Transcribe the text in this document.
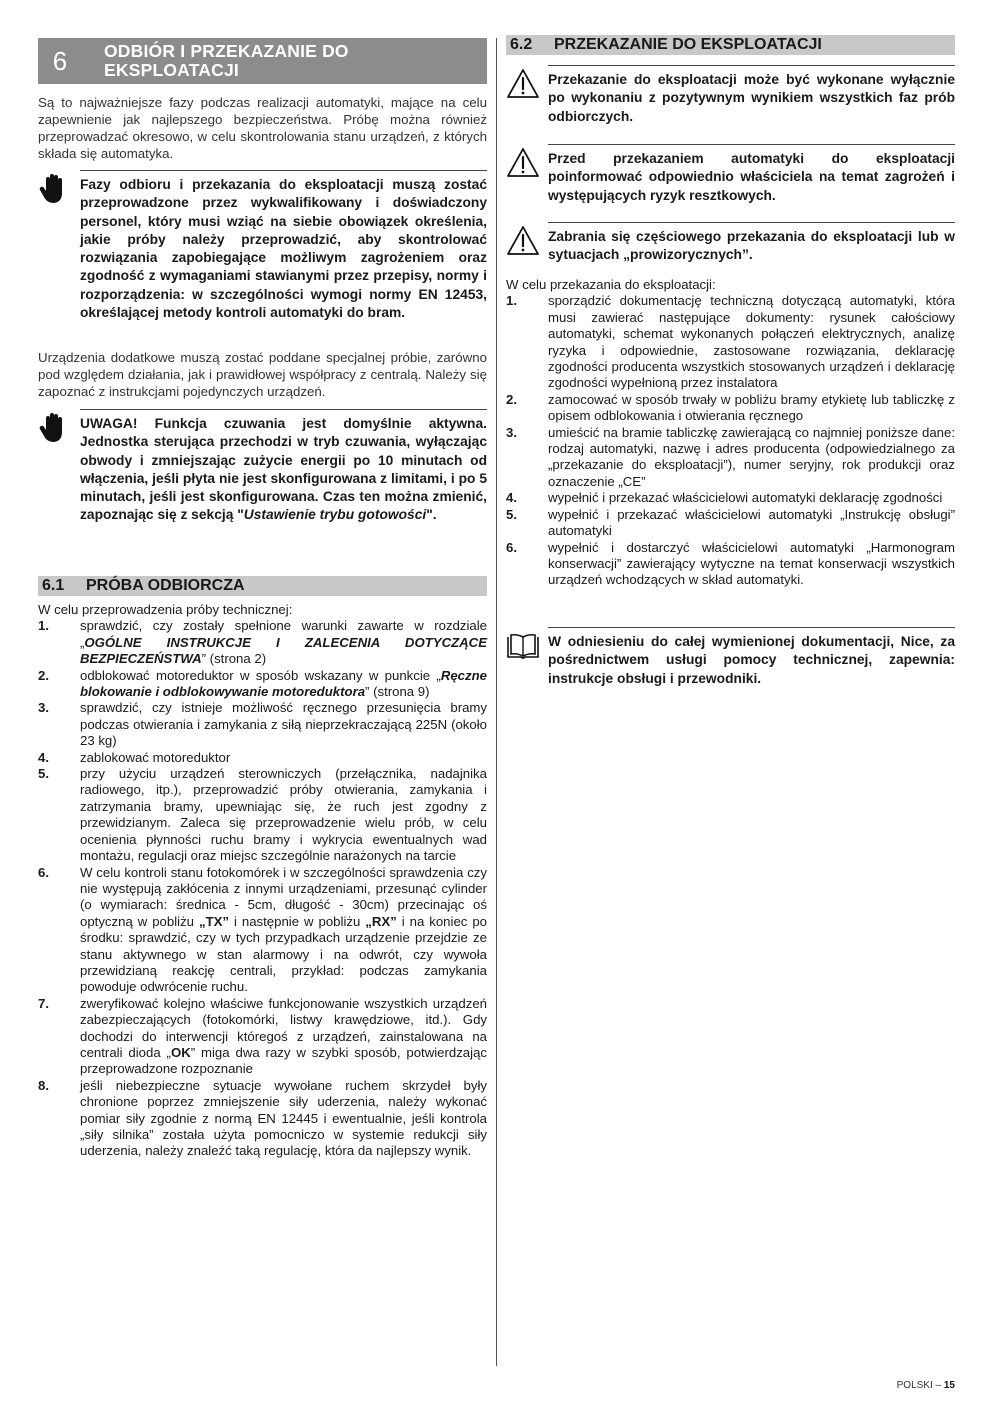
6	ODBIÓR I PRZEKAZANIE DO EKSPLOATACJI
Są to najważniejsze fazy podczas realizacji automatyki, mające na celu zapewnienie jak najlepszego bezpieczeństwa. Próbę można również przeprowadzać okresowo, w celu skontrolowania stanu urządzeń, z których składa się automatyka.
Fazy odbioru i przekazania do eksploatacji muszą zostać przeprowadzone przez wykwalifikowany i doświadczony personel, który musi wziąć na siebie obowiązek określenia, jakie próby należy przeprowadzić, aby skontrolować rozwiązania zapobiegające możliwym zagrożeniem oraz zgodność z wymaganiami stawianymi przez przepisy, normy i rozporządzenia: w szczególności wymogi normy EN 12453, określającej metody kontroli automatyki do bram.
Urządzenia dodatkowe muszą zostać poddane specjalnej próbie, zarówno pod względem działania, jak i prawidłowej współpracy z centralą. Należy się zapoznać z instrukcjami pojedynczych urządzeń.
UWAGA! Funkcja czuwania jest domyślnie aktywna. Jednostka sterująca przechodzi w tryb czuwania, wyłączając obwody i zmniejszając zużycie energii po 10 minutach od włączenia, jeśli płyta nie jest skonfigurowana z limitami, i po 5 minutach, jeśli jest skonfigurowana. Czas ten można zmienić, zapoznając się z sekcją "Ustawienie trybu gotowości".
6.1 PRÓBA ODBIORCZA
W celu przeprowadzenia próby technicznej:
1. sprawdzić, czy zostały spełnione warunki zawarte w rozdziale „OGÓLNE INSTRUKCJE I ZALECENIA DOTYCZĄCE BEZPIECZEŃSTWA” (strona 2)
2. odblokować motoreduktor w sposób wskazany w punkcie „Ręczne blokowanie i odblokowywanie motoreduktora” (strona 9)
3. sprawdzić, czy istnieje możliwość ręcznego przesunięcia bramy podczas otwierania i zamykania z siłą nieprzekraczającą 225N (około 23 kg)
4. zablokować motoreduktor
5. przy użyciu urządzeń sterowniczych (przełącznika, nadajnika radiowego, itp.), przeprowadzić próby otwierania, zamykania i zatrzymania bramy, upewniając się, że ruch jest zgodny z przewidzianym. Zaleca się przeprowadzenie wielu prób, w celu ocenienia płynności ruchu bramy i wykrycia ewentualnych wad montażu, regulacji oraz miejsc szczególnie narażonych na tarcie
6. W celu kontroli stanu fotokomórek i w szczególności sprawdzenia czy nie występują zakłócenia z innymi urządzeniami, przesunąć cylinder (o wymiarach: średnica - 5cm, długość - 30cm) przecinając oś optyczną w pobliżu „TX” i następnie w pobliżu „RX” i na koniec po środku: sprawdzić, czy w tych przypadkach urządzenie przejdzie ze stanu aktywnego w stan alarmowy i na odwrót, czy wywoła przewidzianą reakcję centrali, przykład: podczas zamykania powoduje odwrócenie ruchu.
7. zweryfikować kolejno właściwe funkcjonowanie wszystkich urządzeń zabezpieczających (fotokomórki, listwy krawędziowe, itd.). Gdy dochodzi do interwencji któregoś z urządzeń, zainstalowana na centrali dioda „OK” miga dwa razy w szybki sposób, potwierdzając przeprowadzone rozpoznanie
8. jeśli niebezpieczne sytuacje wywołane ruchem skrzydeł były chronione poprzez zmniejszenie siły uderzenia, należy wykonać pomiar siły zgodnie z normą EN 12445 i ewentualnie, jeśli kontrola „siły silnika” została użyta pomocniczo w systemie redukcji siły uderzenia, należy znaleźć taką regulację, która da najlepszy wynik.
6.2 PRZEKAZANIE DO EKSPLOATACJI
Przekazanie do eksploatacji może być wykonane wyłącznie po wykonaniu z pozytywnym wynikiem wszystkich faz prób odbiorczych.
Przed przekazaniem automatyki do eksploatacji poinformować odpowiednio właściciela na temat zagrożeń i występujących ryzyk resztkowych.
Zabrania się częściowego przekazania do eksploatacji lub w sytuacjach „prowizorycznych”.
W celu przekazania do eksploatacji:
1. sporządzić dokumentację techniczną dotyczącą automatyki, która musi zawierać następujące dokumenty: rysunek całościowy automatyki, schemat wykonanych połączeń elektrycznych, analizę ryzyka i odpowiednie, zastosowane rozwiązania, deklarację zgodności producenta wszystkich stosowanych urządzeń i deklarację zgodności wypełnioną przez instalatora
2. zamocować w sposób trwały w pobliżu bramy etykietę lub tabliczkę z opisem odblokowania i otwierania ręcznego
3. umieścić na bramie tabliczkę zawierającą co najmniej poniższe dane: rodzaj automatyki, nazwę i adres producenta (odpowiedzialnego za „przekazanie do eksploatacji”), numer seryjny, rok produkcji oraz oznaczenie „CE”
4. wypełnić i przekazać właścicielowi automatyki deklarację zgodności
5. wypełnić i przekazać właścicielowi automatyki „Instrukcję obsługi” automatyki
6. wypełnić i dostarczyć właścicielowi automatyki „Harmonogram konserwacji” zawierający wytyczne na temat konserwacji wszystkich urządzeń wchodzących w skład automatyki.
W odniesieniu do całej wymienionej dokumentacji, Nice, za pośrednictwem usługi pomocy technicznej, zapewnia: instrukcje obsługi i przewodniki.
POLSKI – 15
